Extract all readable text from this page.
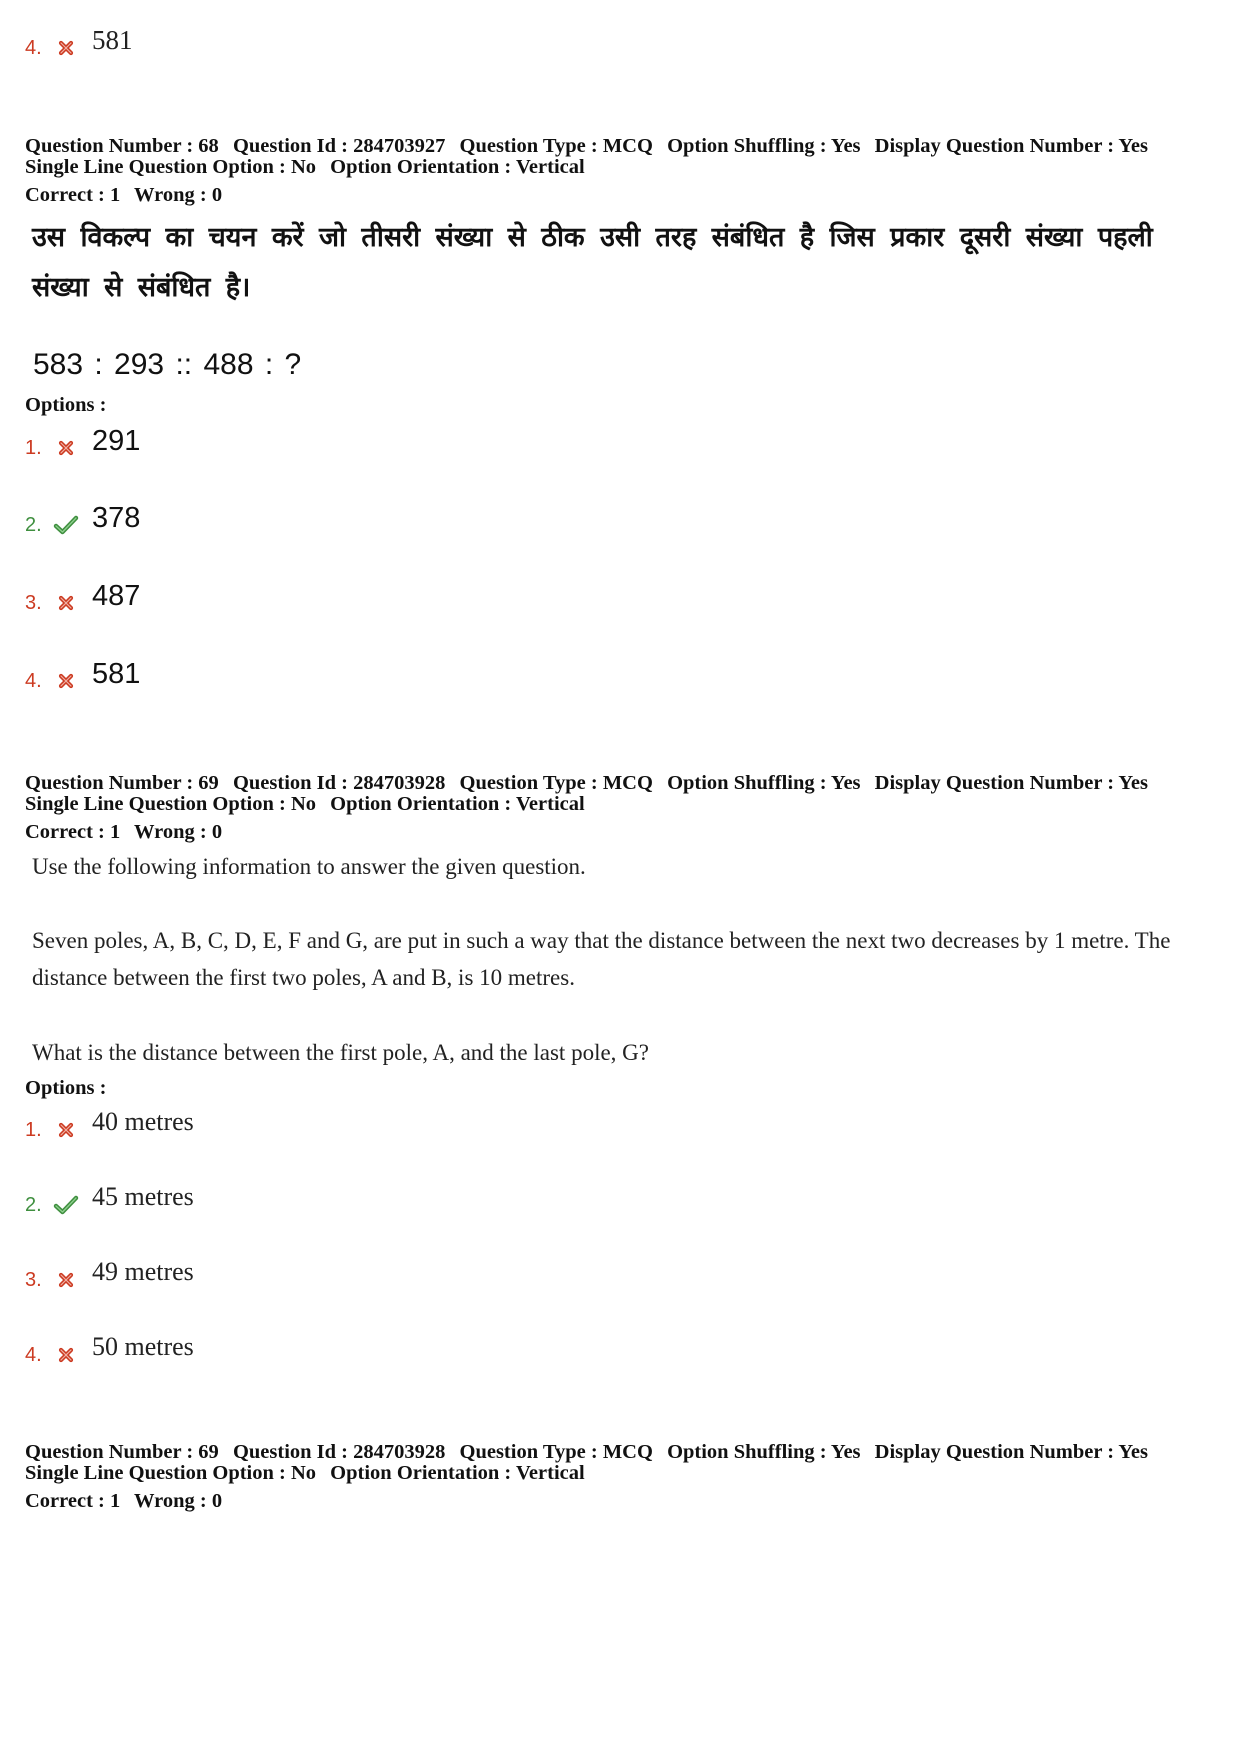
4. 581
Question Number : 68 Question Id : 284703927 Question Type : MCQ Option Shuffling : Yes Display Question Number : Yes
Single Line Question Option : No Option Orientation : Vertical
Correct : 1 Wrong : 0
उस विकल्प का चयन करें जो तीसरी संख्या से ठीक उसी तरह संबंधित है जिस प्रकार दूसरी संख्या पहली संख्या से संबंधित है।
583 : 293 :: 488 : ?
Options :
1. 291
2. 378
3. 487
4. 581
Question Number : 69 Question Id : 284703928 Question Type : MCQ Option Shuffling : Yes Display Question Number : Yes
Single Line Question Option : No Option Orientation : Vertical
Correct : 1 Wrong : 0
Use the following information to answer the given question.
Seven poles, A, B, C, D, E, F and G, are put in such a way that the distance between the next two decreases by 1 metre. The distance between the first two poles, A and B, is 10 metres.
What is the distance between the first pole, A, and the last pole, G?
Options :
1. 40 metres
2. 45 metres
3. 49 metres
4. 50 metres
Question Number : 69 Question Id : 284703928 Question Type : MCQ Option Shuffling : Yes Display Question Number : Yes
Single Line Question Option : No Option Orientation : Vertical
Correct : 1 Wrong : 0
